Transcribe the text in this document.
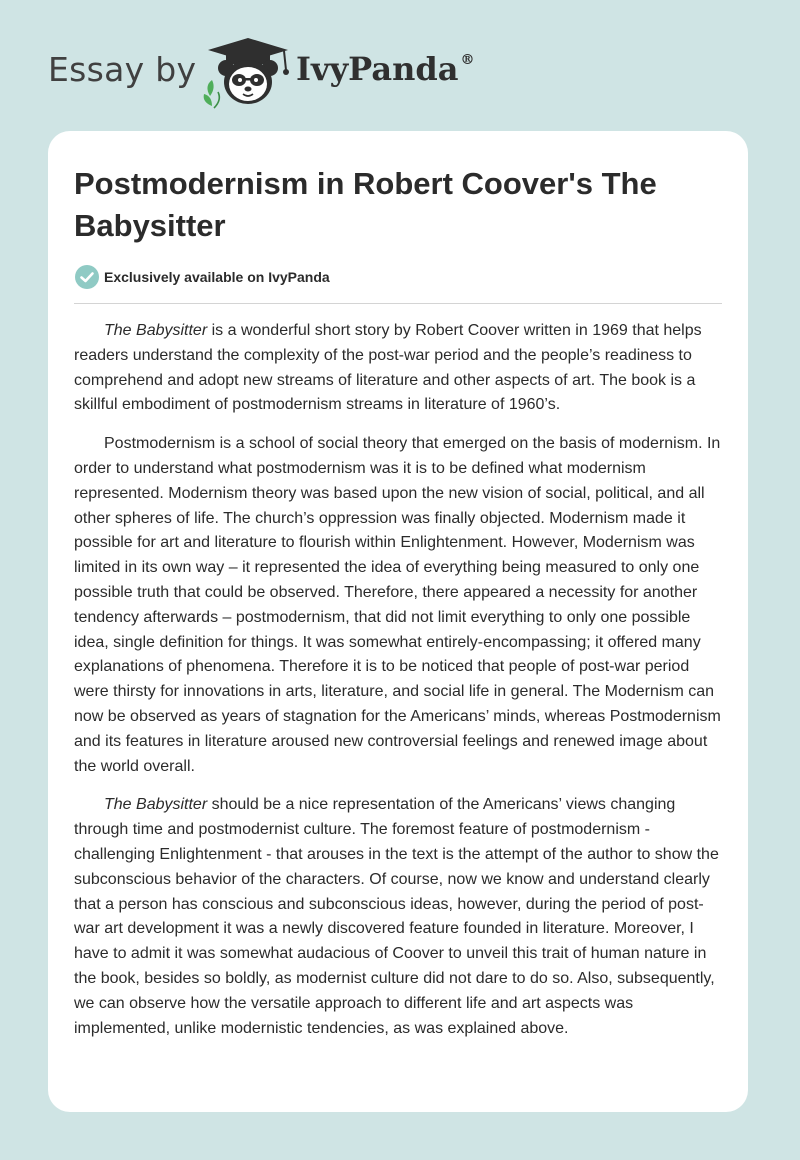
Essay by	IvyPanda ®
Postmodernism in Robert Coover's The Babysitter
Exclusively available on IvyPanda

The Babysitter is a wonderful short story by Robert Coover written in 1969 that helps readers understand the complexity of the post-war period and the people’s readiness to comprehend and adopt new streams of literature and other aspects of art. The book is a skillful embodiment of postmodernism streams in literature of 1960’s.

Postmodernism is a school of social theory that emerged on the basis of modernism. In order to understand what postmodernism was it is to be defined what modernism represented. Modernism theory was based upon the new vision of social, political, and all other spheres of life. The church’s oppression was finally objected. Modernism made it possible for art and literature to flourish within Enlightenment. However, Modernism was limited in its own way – it represented the idea of everything being measured to only one possible truth that could be observed. Therefore, there appeared a necessity for another tendency afterwards – postmodernism, that did not limit everything to only one possible idea, single definition for things. It was somewhat entirely-encompassing; it offered many explanations of phenomena. Therefore it is to be noticed that people of post-war period were thirsty for innovations in arts, literature, and social life in general. The Modernism can now be observed as years of stagnation for the Americans’ minds, whereas Postmodernism and its features in literature aroused new controversial feelings and renewed image about the world overall.

The Babysitter should be a nice representation of the Americans’ views changing through time and postmodernist culture. The foremost feature of postmodernism - challenging Enlightenment - that arouses in the text is the attempt of the author to show the subconscious behavior of the characters. Of course, now we know and understand clearly that a person has conscious and subconscious ideas, however, during the period of post-war art development it was a newly discovered feature founded in literature. Moreover, I have to admit it was somewhat audacious of Coover to unveil this trait of human nature in the book, besides so boldly, as modernist culture did not dare to do so. Also, subsequently, we can observe how the versatile approach to different life and art aspects was implemented, unlike modernistic tendencies, as was explained above.
